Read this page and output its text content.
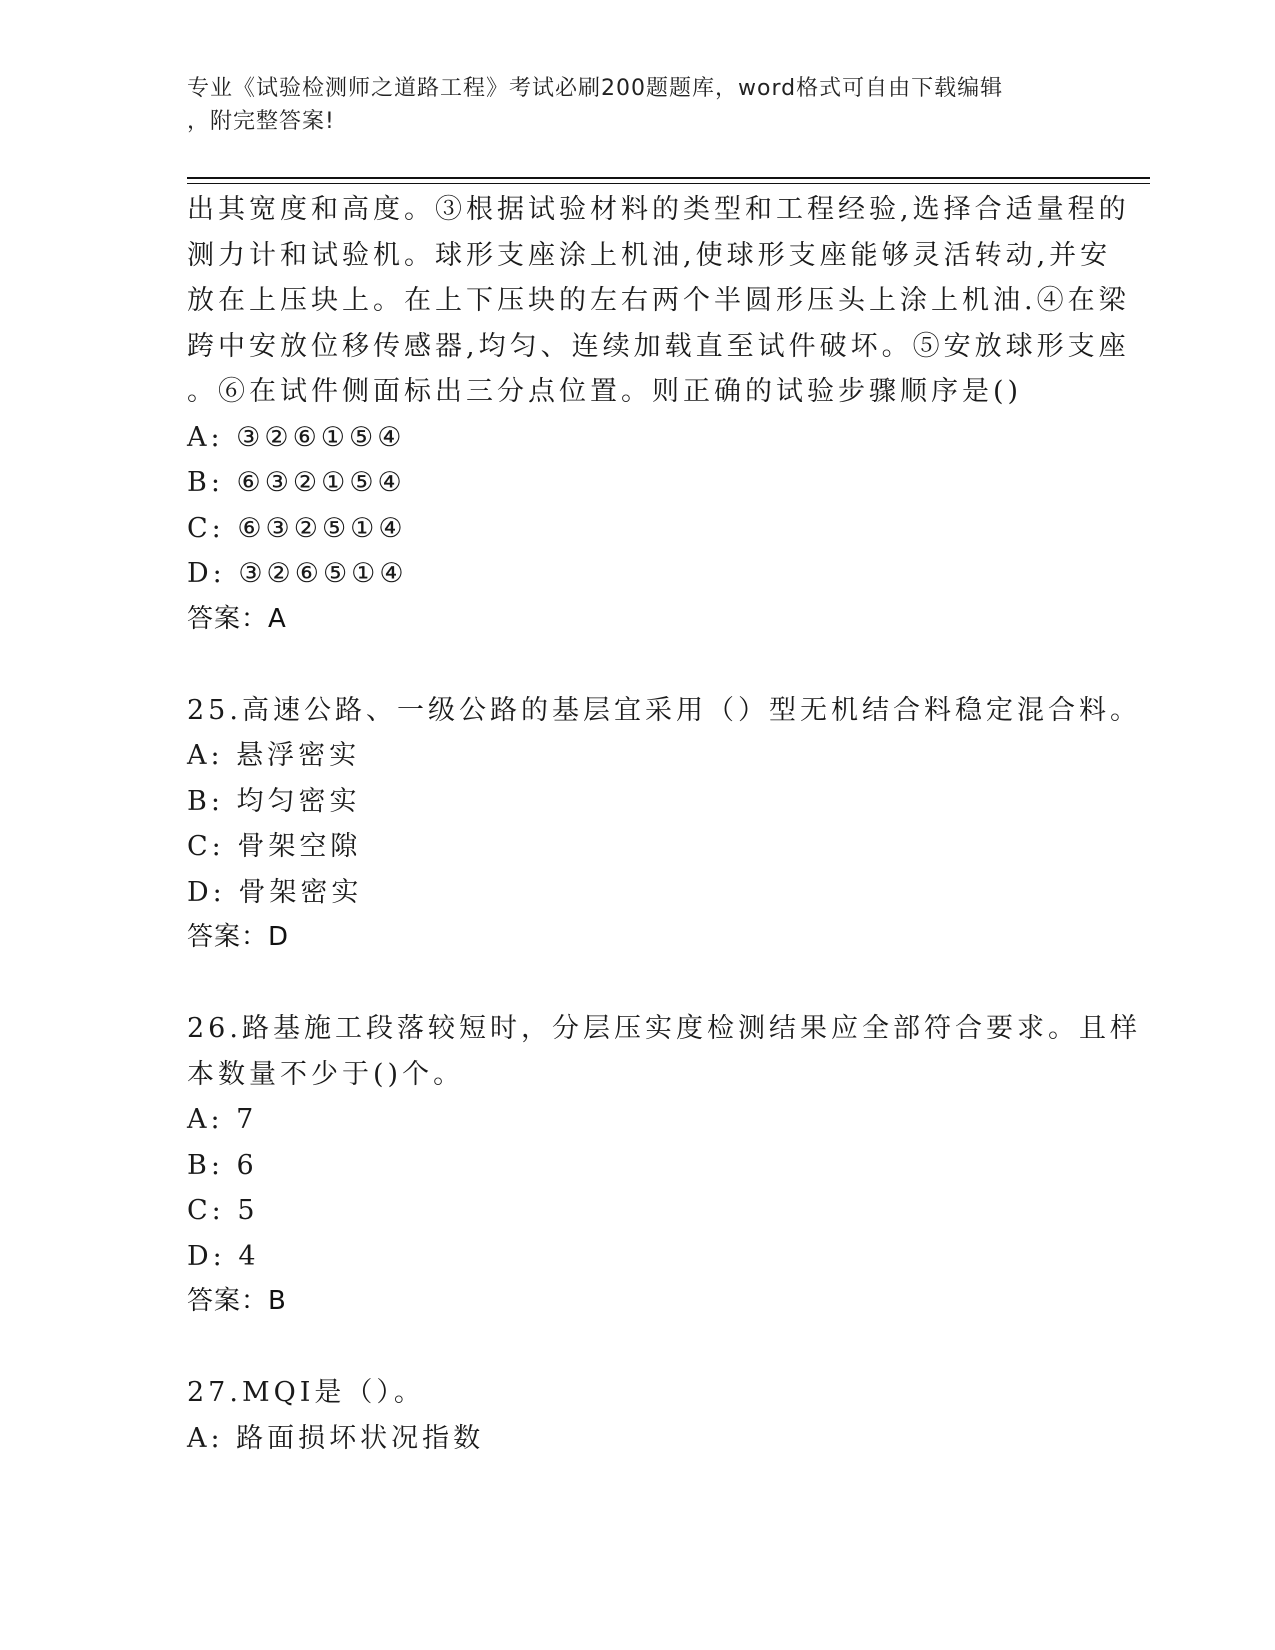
专业《试验检测师之道路工程》考试必刷200题题库，word格式可自由下载编辑
，附完整答案!
出其宽度和高度。③根据试验材料的类型和工程经验,选择合适量程的
测力计和试验机。球形支座涂上机油,使球形支座能够灵活转动,并安
放在上压块上。在上下压块的左右两个半圆形压头上涂上机油.④在梁
跨中安放位移传感器,均匀、连续加载直至试件破坏。⑤安放球形支座
。⑥在试件侧面标出三分点位置。则正确的试验步骤顺序是()
A: ③②⑥①⑤④
B: ⑥③②①⑤④
C: ⑥③②⑤①④
D: ③②⑥⑤①④
答案：A
25.高速公路、一级公路的基层宜采用（）型无机结合料稳定混合料。
A: 悬浮密实
B: 均匀密实
C: 骨架空隙
D: 骨架密实
答案：D
26.路基施工段落较短时，分层压实度检测结果应全部符合要求。且样
本数量不少于()个。
A: 7
B: 6
C: 5
D: 4
答案：B
27.MQI是（）。
A: 路面损坏状况指数
